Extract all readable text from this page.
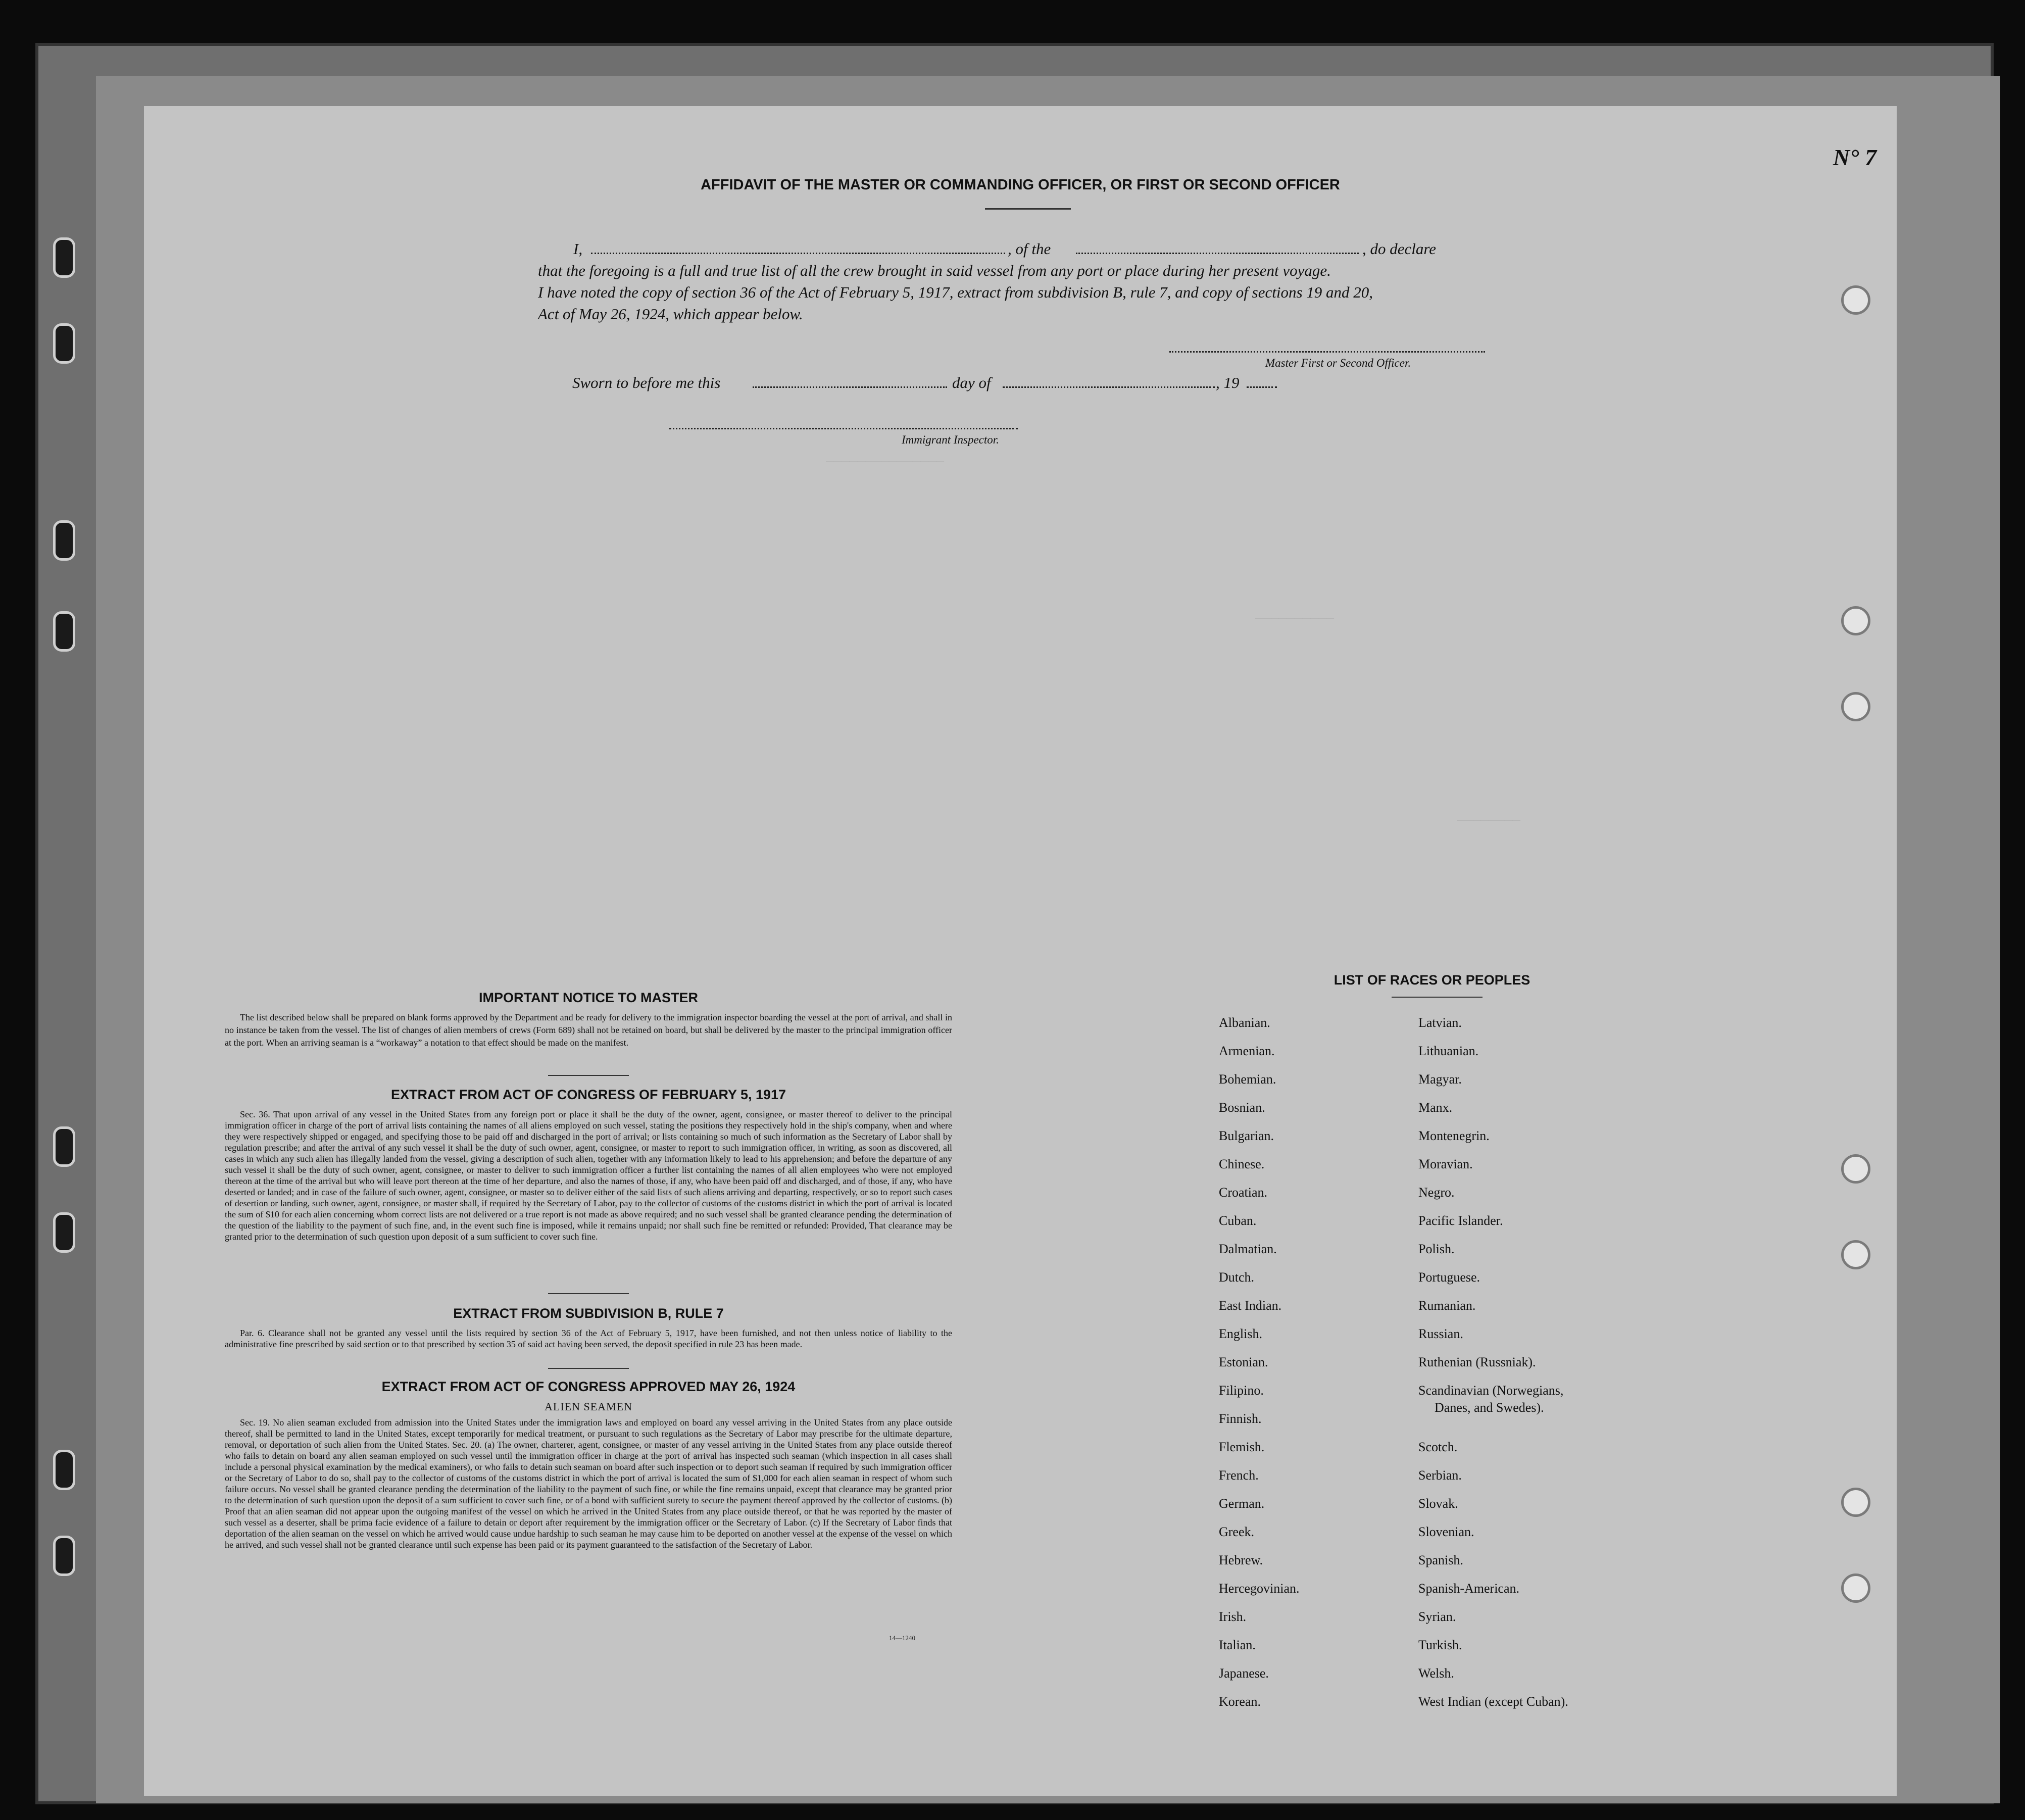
───────────────
──────────
────────
N° 7
AFFIDAVIT OF THE MASTER OR COMMANDING OFFICER, OR FIRST OR SECOND OFFICER
I,	, of the	, do declare
that the foregoing is a full and true list of all the crew brought in said vessel from any port or place during her present voyage.
I have noted the copy of section 36 of the Act of February 5, 1917, extract from subdivision B, rule 7, and copy of sections 19 and 20,
Act of May 26, 1924, which appear below.
Master First or Second Officer.
Sworn to before me this	day of	, 19
Immigrant Inspector.
IMPORTANT NOTICE TO MASTER
The list described below shall be prepared on blank forms approved by the Department and be ready for delivery to the immigration inspector boarding the vessel at the port of arrival, and shall in no instance be taken from the vessel. The list of changes of alien members of crews (Form 689) shall not be retained on board, but shall be delivered by the master to the principal immigration officer at the port. When an arriving seaman is a “workaway” a notation to that effect should be made on the manifest.
EXTRACT FROM ACT OF CONGRESS OF FEBRUARY 5, 1917
Sec. 36. That upon arrival of any vessel in the United States from any foreign port or place it shall be the duty of the owner, agent, consignee, or master thereof to deliver to the principal immigration officer in charge of the port of arrival lists containing the names of all aliens employed on such vessel, stating the positions they respectively hold in the ship's company, when and where they were respectively shipped or engaged, and specifying those to be paid off and discharged in the port of arrival; or lists containing so much of such information as the Secretary of Labor shall by regulation prescribe; and after the arrival of any such vessel it shall be the duty of such owner, agent, consignee, or master to report to such immigration officer, in writing, as soon as discovered, all cases in which any such alien has illegally landed from the vessel, giving a description of such alien, together with any information likely to lead to his apprehension; and before the departure of any such vessel it shall be the duty of such owner, agent, consignee, or master to deliver to such immigration officer a further list containing the names of all alien employees who were not employed thereon at the time of the arrival but who will leave port thereon at the time of her departure, and also the names of those, if any, who have been paid off and discharged, and of those, if any, who have deserted or landed; and in case of the failure of such owner, agent, consignee, or master so to deliver either of the said lists of such aliens arriving and departing, respectively, or so to report such cases of desertion or landing, such owner, agent, consignee, or master shall, if required by the Secretary of Labor, pay to the collector of customs of the customs district in which the port of arrival is located the sum of $10 for each alien concerning whom correct lists are not delivered or a true report is not made as above required; and no such vessel shall be granted clearance pending the determination of the question of the liability to the payment of such fine, and, in the event such fine is imposed, while it remains unpaid; nor shall such fine be remitted or refunded: Provided, That clearance may be granted prior to the determination of such question upon deposit of a sum sufficient to cover such fine.
EXTRACT FROM SUBDIVISION B, RULE 7
Par. 6. Clearance shall not be granted any vessel until the lists required by section 36 of the Act of February 5, 1917, have been furnished, and not then unless notice of liability to the administrative fine prescribed by said section or to that prescribed by section 35 of said act having been served, the deposit specified in rule 23 has been made.
EXTRACT FROM ACT OF CONGRESS APPROVED MAY 26, 1924
ALIEN SEAMEN
Sec. 19. No alien seaman excluded from admission into the United States under the immigration laws and employed on board any vessel arriving in the United States from any place outside thereof, shall be permitted to land in the United States, except temporarily for medical treatment, or pursuant to such regulations as the Secretary of Labor may prescribe for the ultimate departure, removal, or deportation of such alien from the United States. Sec. 20. (a) The owner, charterer, agent, consignee, or master of any vessel arriving in the United States from any place outside thereof who fails to detain on board any alien seaman employed on such vessel until the immigration officer in charge at the port of arrival has inspected such seaman (which inspection in all cases shall include a personal physical examination by the medical examiners), or who fails to detain such seaman on board after such inspection or to deport such seaman if required by such immigration officer or the Secretary of Labor to do so, shall pay to the collector of customs of the customs district in which the port of arrival is located the sum of $1,000 for each alien seaman in respect of whom such failure occurs. No vessel shall be granted clearance pending the determination of the liability to the payment of such fine, or while the fine remains unpaid, except that clearance may be granted prior to the determination of such question upon the deposit of a sum sufficient to cover such fine, or of a bond with sufficient surety to secure the payment thereof approved by the collector of customs. (b) Proof that an alien seaman did not appear upon the outgoing manifest of the vessel on which he arrived in the United States from any place outside thereof, or that he was reported by the master of such vessel as a deserter, shall be prima facie evidence of a failure to detain or deport after requirement by the immigration officer or the Secretary of Labor. (c) If the Secretary of Labor finds that deportation of the alien seaman on the vessel on which he arrived would cause undue hardship to such seaman he may cause him to be deported on another vessel at the expense of the vessel on which he arrived, and such vessel shall not be granted clearance until such expense has been paid or its payment guaranteed to the satisfaction of the Secretary of Labor.
14—1240
LIST OF RACES OR PEOPLES
Albanian.
Armenian.
Bohemian.
Bosnian.
Bulgarian.
Chinese.
Croatian.
Cuban.
Dalmatian.
Dutch.
East Indian.
English.
Estonian.
Filipino.
Finnish.
Flemish.
French.
German.
Greek.
Hebrew.
Hercegovinian.
Irish.
Italian.
Japanese.
Korean.
Latvian.
Lithuanian.
Magyar.
Manx.
Montenegrin.
Moravian.
Negro.
Pacific Islander.
Polish.
Portuguese.
Rumanian.
Russian.
Ruthenian (Russniak).
Scandinavian (Norwegians,
Danes, and Swedes).
Scotch.
Serbian.
Slovak.
Slovenian.
Spanish.
Spanish-American.
Syrian.
Turkish.
Welsh.
West Indian (except Cuban).
